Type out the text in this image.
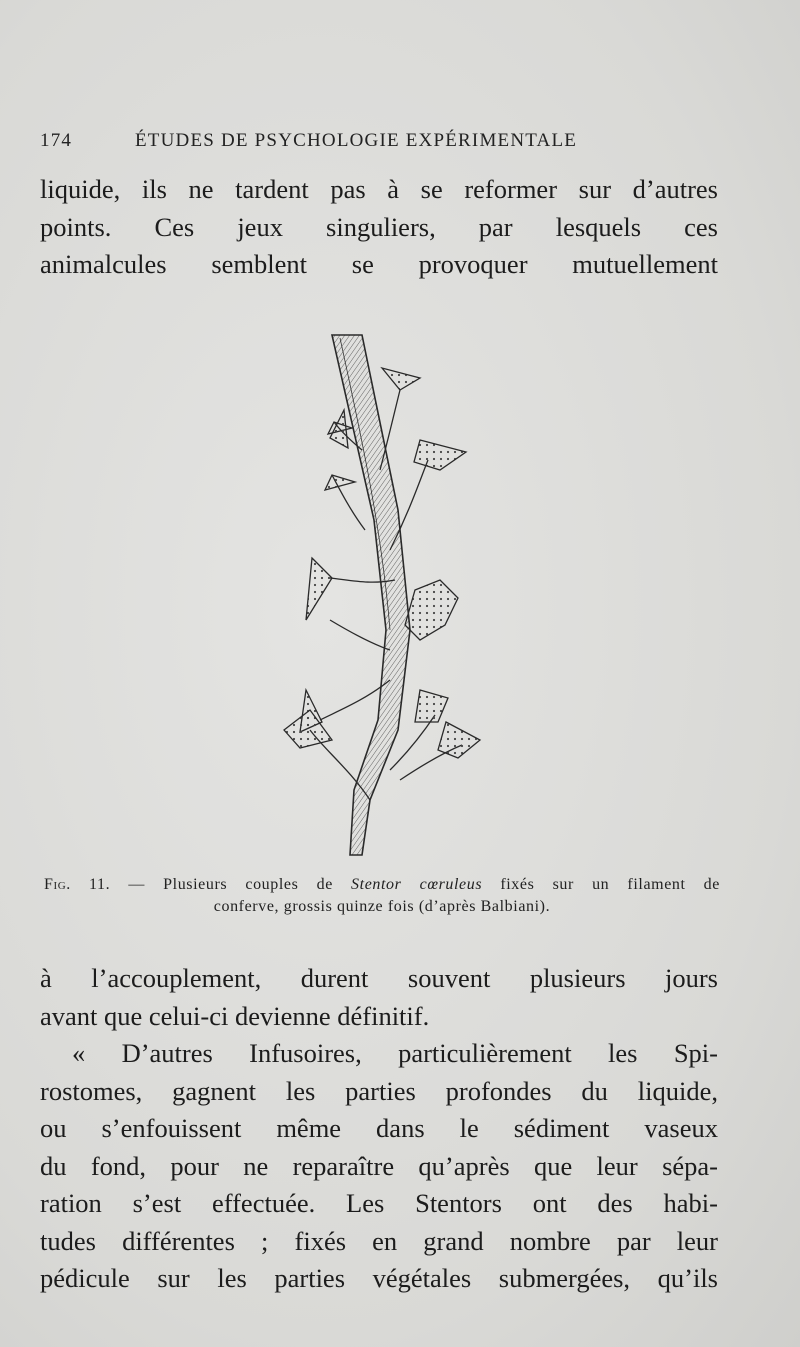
174	ÉTUDES DE PSYCHOLOGIE EXPÉRIMENTALE
liquide, ils ne tardent pas à se reformer sur d’autres
points. Ces jeux singuliers, par lesquels ces
animalcules semblent se provoquer mutuellement
Fig. 11. — Plusieurs couples de Stentor cœruleus fixés sur un filament de
conferve, grossis quinze fois (d’après Balbiani).
à l’accouplement, durent souvent plusieurs jours
avant que celui-ci devienne définitif.
« D’autres Infusoires, particulièrement les Spi-
rostomes, gagnent les parties profondes du liquide,
ou s’enfouissent même dans le sédiment vaseux
du fond, pour ne reparaître qu’après que leur sépa-
ration s’est effectuée. Les Stentors ont des habi-
tudes différentes ; fixés en grand nombre par leur
pédicule sur les parties végétales submergées, qu’ils
